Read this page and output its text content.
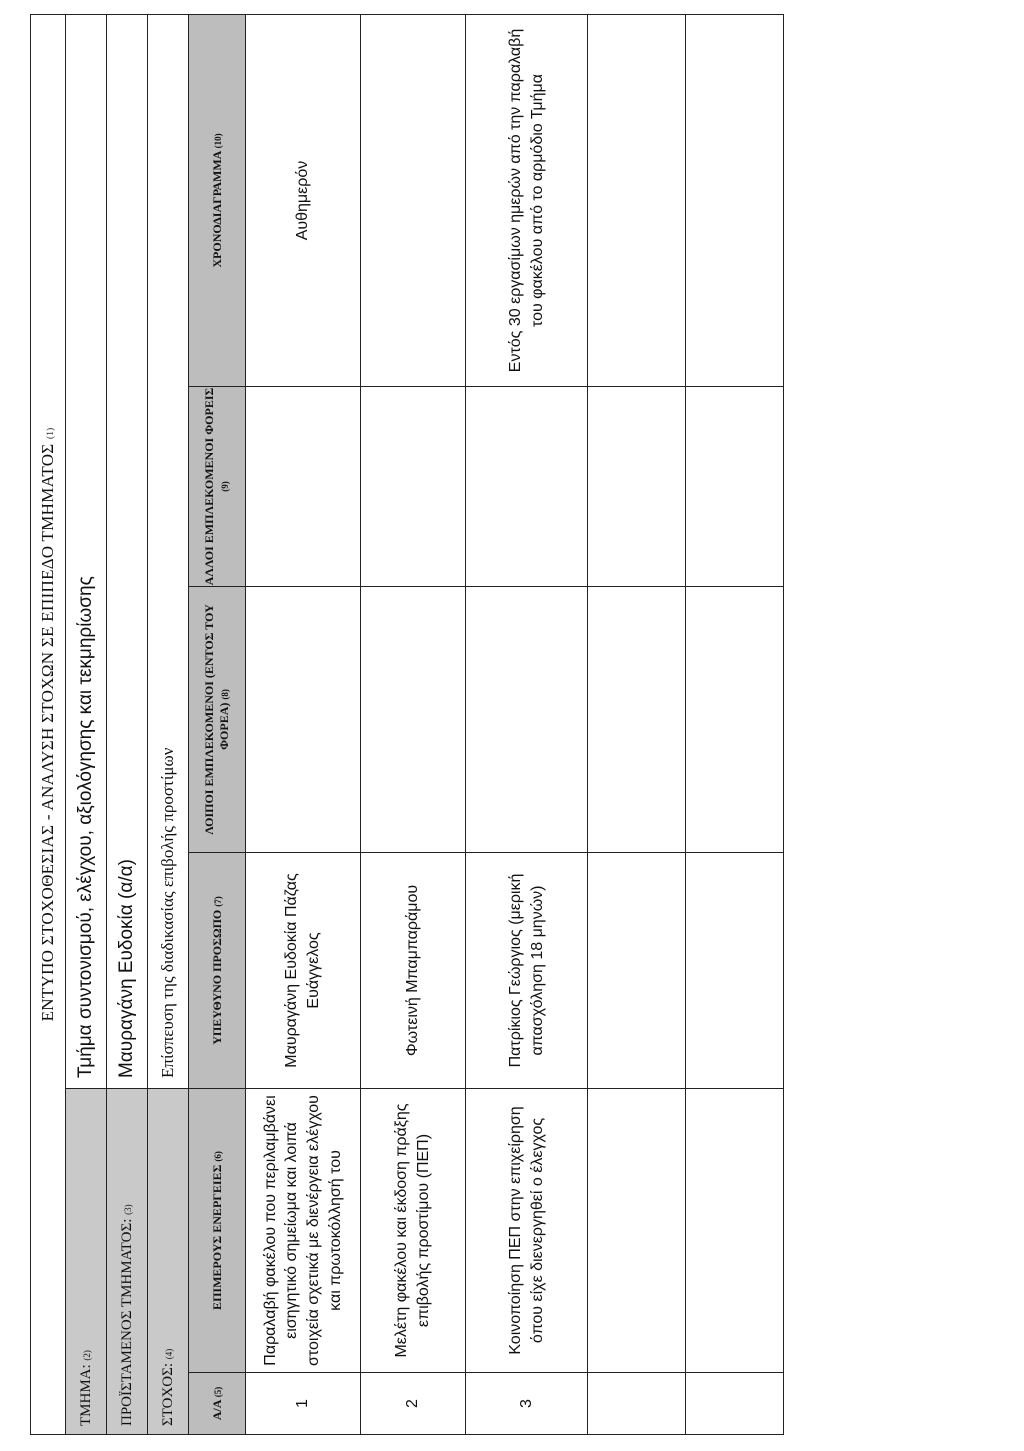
ΕΝΤΥΠΟ ΣΤΟΧΟΘΕΣΙΑΣ - ΑΝΑΛΥΣΗ ΣΤΟΧΩΝ ΣΕ ΕΠΙΠΕΔΟ ΤΜΗΜΑΤΟΣ (1)					
ΤΜΗΜΑ: (2)		Τμήμα συντονισμού, ελέγχου, αξιολόγησης και τεκμηρίωσης			
ΠΡΟΪΣΤΑΜΕΝΟΣ ΤΜΗΜΑΤΟΣ: (3)		Μαυραγάνη Ευδοκία (α/α)			
ΣΤΟΧΟΣ: (4)		Επίσπευση της διαδικασίας επιβολής προστίμων			
Α/Α (5)	ΕΠΙΜΕΡΟΥΣ ΕΝΕΡΓΕΙΕΣ (6)	ΥΠΕΥΘΥΝΟ ΠΡΟΣΩΠΟ (7)	ΛΟΙΠΟΙ ΕΜΠΛΕΚΟΜΕΝΟΙ (ΕΝΤΟΣ ΤΟΥ ΦΟΡΕΑ) (8)	ΑΛΛΟΙ ΕΜΠΛΕΚΟΜΕΝΟΙ ΦΟΡΕΙΣ (9)	ΧΡΟΝΟΔΙΑΓΡΑΜΜΑ (10)
1	Παραλαβή φακέλου που περιλαμβάνει εισηγητικό σημείωμα και λοιπά στοιχεία σχετικά με διενέργεια ελέγχου και πρωτοκόλλησή του	Μαυραγάνη Ευδοκία Πάζας Ευάγγελος			Αυθημερόν
2	Μελέτη φακέλου και έκδοση πράξης επιβολής προστίμου (ΠΕΠ)	Φωτεινή Μπαμπαράμου			
3	Κοινοποίηση ΠΕΠ στην επιχείρηση όπου είχε διενεργηθεί ο έλεγχος	Πατρίκιος Γεώργιος (μερική απασχόληση 18 μηνών)			Εντός 30 εργασίμων ημερών από την παραλαβή του φακέλου από το αρμόδιο Τμήμα
